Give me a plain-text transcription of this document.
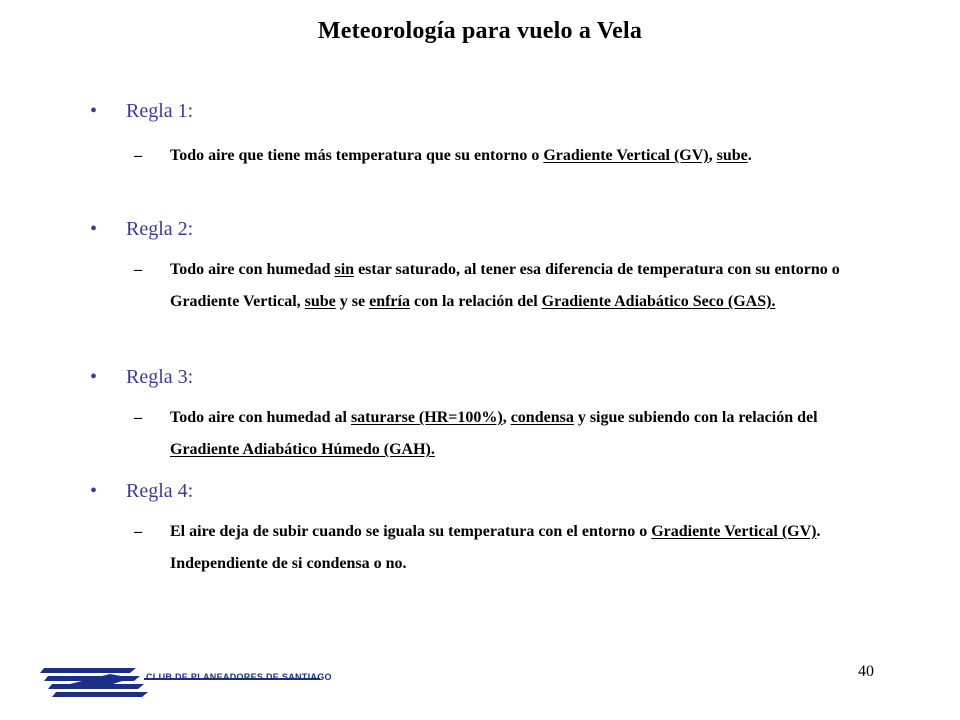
Meteorología para vuelo a Vela
• Regla 1:
– Todo aire que tiene más temperatura que su entorno o Gradiente Vertical (GV), sube.
• Regla 2:
– Todo aire con humedad sin estar saturado, al tener esa diferencia de temperatura con su entorno o Gradiente Vertical, sube y se enfría con la relación del Gradiente Adiabático Seco (GAS).
• Regla 3:
– Todo aire con humedad al saturarse (HR=100%), condensa y sigue subiendo con la relación del Gradiente Adiabático Húmedo (GAH).
• Regla 4:
– El aire deja de subir cuando se iguala su temperatura con el entorno o Gradiente Vertical (GV). Independiente de si condensa o no.
CLUB DE PLANEADORES DE SANTIAGO	40
